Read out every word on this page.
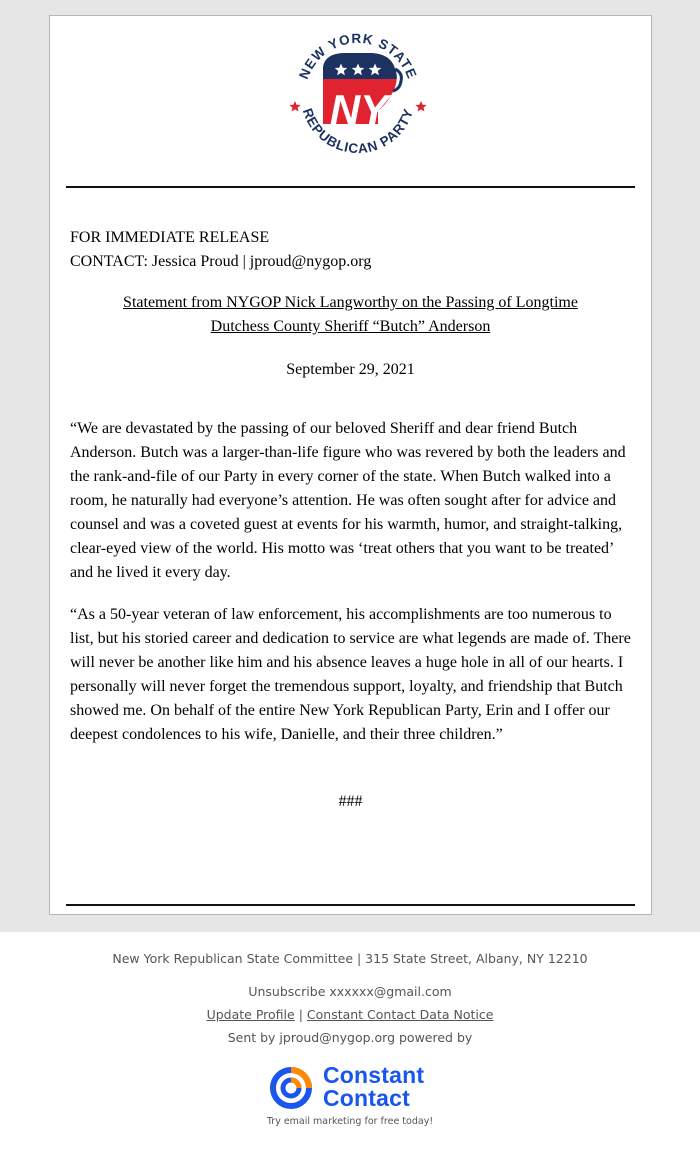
NEW YORK STATE
REPUBLICAN PARTY
NY
FOR IMMEDIATE RELEASE
CONTACT: Jessica Proud | jproud@nygop.org
Statement from NYGOP Nick Langworthy on the Passing of Longtime
Dutchess County Sheriff “Butch” Anderson
September 29, 2021

“We are devastated by the passing of our beloved Sheriff and dear friend Butch Anderson. Butch was a larger-than-life figure who was revered by both the leaders and the rank-and-file of our Party in every corner of the state. When Butch walked into a room, he naturally had everyone’s attention. He was often sought after for advice and counsel and was a coveted guest at events for his warmth, humor, and straight-talking, clear-eyed view of the world. His motto was ‘treat others that you want to be treated’ and he lived it every day.

“As a 50-year veteran of law enforcement, his accomplishments are too numerous to list, but his storied career and dedication to service are what legends are made of. There will never be another like him and his absence leaves a huge hole in all of our hearts. I personally will never forget the tremendous support, loyalty, and friendship that Butch showed me. On behalf of the entire New York Republican Party, Erin and I offer our deepest condolences to his wife, Danielle, and their three children.”

###
New York Republican State Committee | 315 State Street, Albany, NY 12210
Unsubscribe xxxxxx@gmail.com
Update Profile | Constant Contact Data Notice
Sent by jproud@nygop.org powered by
Constant
Contact
Try email marketing for free today!
